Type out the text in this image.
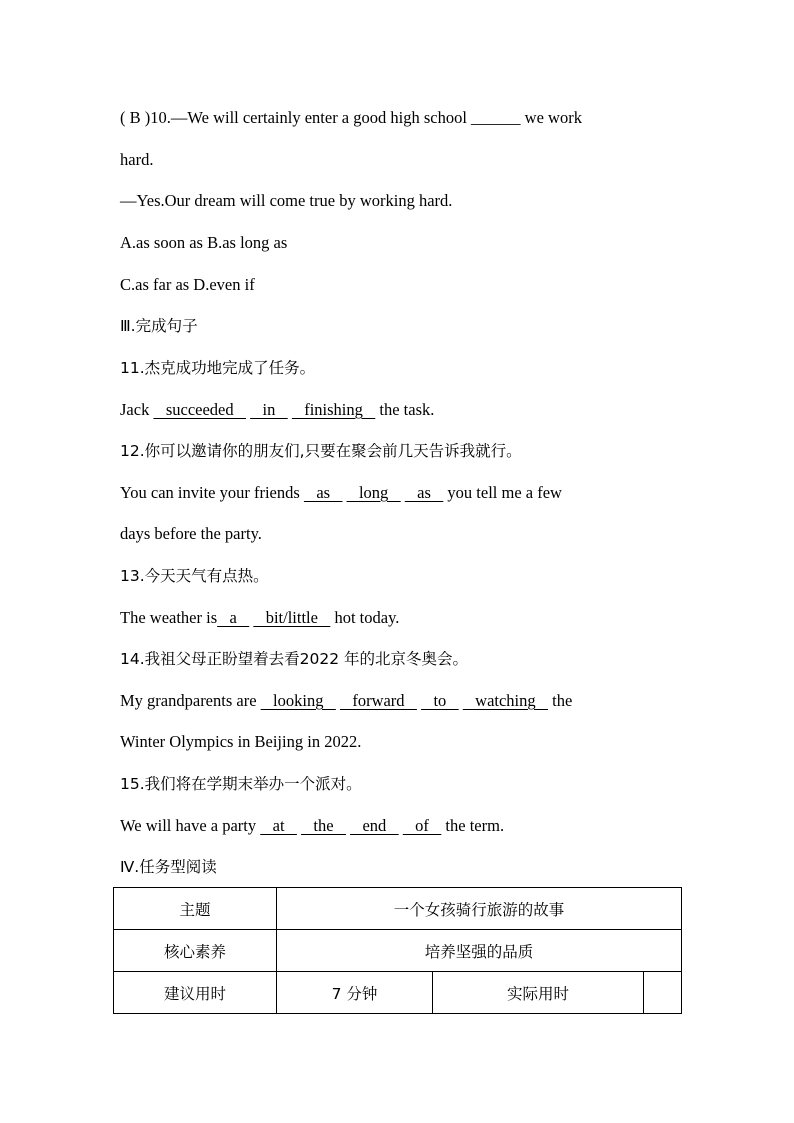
( B )10.—We will certainly enter a good high school ______ we work
hard.
—Yes.Our dream will come true by working hard.
A.as soon as B.as long as
C.as far as D.even if
Ⅲ.完成句子
11.杰克成功地完成了任务。
Jack    succeeded       in       finishing    the task.
12.你可以邀请你的朋友们,只要在聚会前几天告诉我就行。
You can invite your friends    as       long       as    you tell me a few
days before the party.
13.今天天气有点热。
The weather is   a       bit/little    hot today.
14.我祖父母正盼望着去看2022 年的北京冬奥会。
My grandparents are    looking       forward       to       watching    the
Winter Olympics in Beijing in 2022.
15.我们将在学期末举办一个派对。
We will have a party    at       the       end       of    the term.
Ⅳ.任务型阅读
主题	一个女孩骑行旅游的故事		
核心素养	培养坚强的品质		
建议用时	7 分钟	实际用时	
